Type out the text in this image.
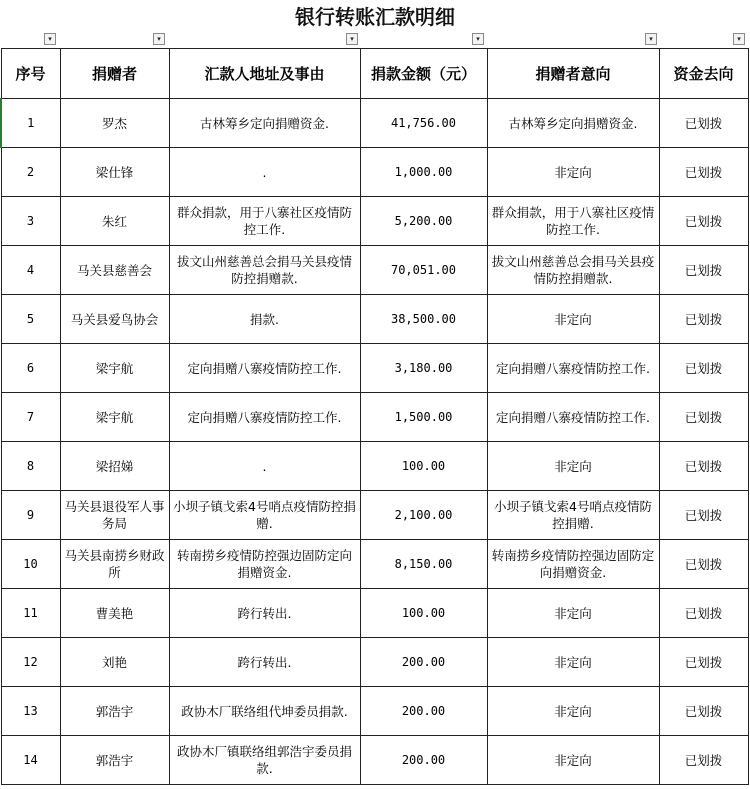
银行转账汇款明细
▾	▾	▾	▾	▾	▾
序号	捐赠者	汇款人地址及事由	捐款金额（元）	捐赠者意向	资金去向
1	罗杰	古林筹乡定向捐赠资金.	41,756.00	古林筹乡定向捐赠资金.	已划拨
2	梁仕锋	.	1,000.00	非定向	已划拨
3	朱红	群众捐款，用于八寨社区疫情防控工作.	5,200.00	群众捐款，用于八寨社区疫情防控工作.	已划拨
4	马关县慈善会	拔文山州慈善总会捐马关县疫情防控捐赠款.	70,051.00	拔文山州慈善总会捐马关县疫情防控捐赠款.	已划拨
5	马关县爱鸟协会	捐款.	38,500.00	非定向	已划拨
6	梁宇航	定向捐赠八寨疫情防控工作.	3,180.00	定向捐赠八寨疫情防控工作.	已划拨
7	梁宇航	定向捐赠八寨疫情防控工作.	1,500.00	定向捐赠八寨疫情防控工作.	已划拨
8	梁招娣	.	100.00	非定向	已划拨
9	马关县退役军人事务局	小坝子镇戈索4号哨点疫情防控捐赠.	2,100.00	小坝子镇戈索4号哨点疫情防控捐赠.	已划拨
10	马关县南捞乡财政所	转南捞乡疫情防控强边固防定向捐赠资金.	8,150.00	转南捞乡疫情防控强边固防定向捐赠资金.	已划拨
11	曹美艳	跨行转出.	100.00	非定向	已划拨
12	刘艳	跨行转出.	200.00	非定向	已划拨
13	郭浩宇	政协木厂联络组代坤委员捐款.	200.00	非定向	已划拨
14	郭浩宇	政协木厂镇联络组郭浩宇委员捐款.	200.00	非定向	已划拨
